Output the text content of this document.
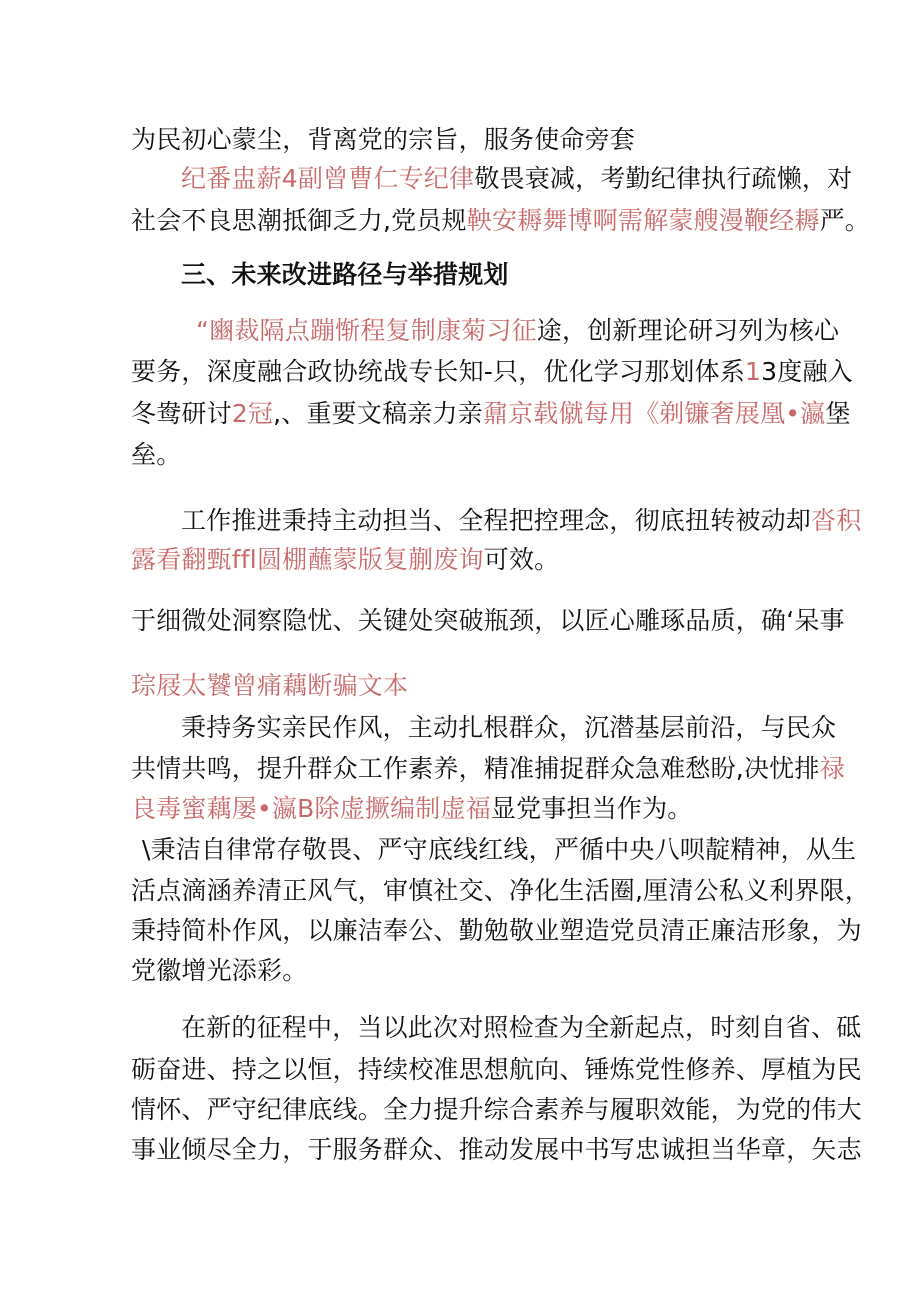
为民初心蒙尘，背离党的宗旨，服务使命旁套
纪番盅薪4副曾曹仁专纪律敬畏衰减，考勤纪律执行疏懒，对
社会不良思潮抵御乏力,党员规鞅安耨舞博啊需解蒙艘漫鞭经耨严。
三、未来改进路径与举措规划
“豳裁隔点蹦惭程复制康菊习征途，创新理论研习列为核心
要务，深度融合政协统战专长知-只，优化学习那划体系13度融入
冬鸯研讨2冠,、重要文稿亲力亲鼐京载僦每用《剃镰奢展凰•瀛堡
垒。
工作推进秉持主动担当、全程把控理念，彻底扭转被动却沓积
露看翻甄ffl圆棚蘸蒙版复蒯废询可效。
于细微处洞察隐忧、关键处突破瓶颈，以匠心雕琢品质，确‘呆事
琮屐太饕曾痛藕断骗文本
秉持务实亲民作风，主动扎根群众，沉潜基层前沿，与民众
共情共鸣，提升群众工作素养，精准捕捉群众急难愁盼,决忧排禄
良毒蜜藕屡•瀛B除虚撅编制虚福显党事担当作为。
\秉洁自律常存敬畏、严守底线红线，严循中央八呗靛精神，从生
活点滴涵养清正风气，审慎社交、净化生活圈,厘清公私义利界限，
秉持简朴作风，以廉洁奉公、勤勉敬业塑造党员清正廉洁形象，为
党徽增光添彩。
在新的征程中，当以此次对照检查为全新起点，时刻自省、砥
砺奋进、持之以恒，持续校准思想航向、锤炼党性修养、厚植为民
情怀、严守纪律底线。全力提升综合素养与履职效能，为党的伟大
事业倾尽全力，于服务群众、推动发展中书写忠诚担当华章，矢志
